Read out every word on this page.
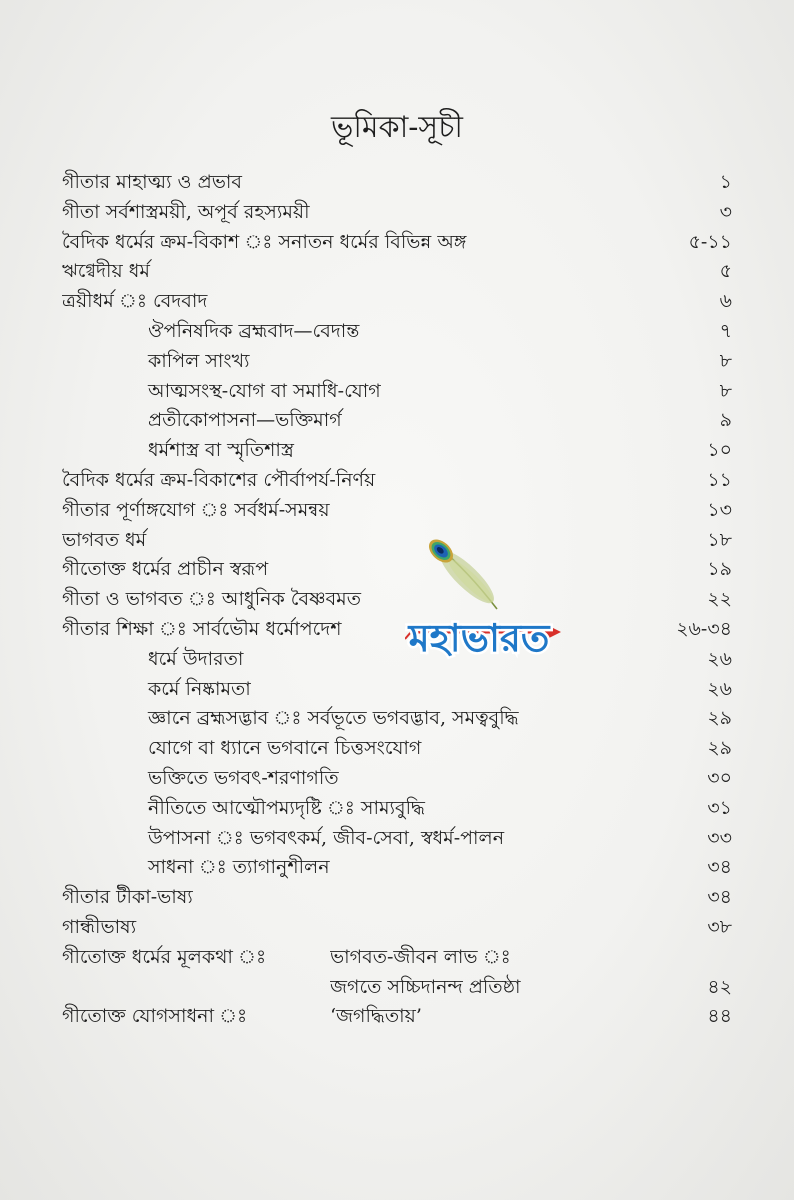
ভূমিকা-সূচী
গীতার মাহাত্ম্য ও প্রভাব	১
গীতা সর্বশাস্ত্রময়ী, অপূর্ব রহস্যময়ী	৩
বৈদিক ধর্মের ক্রম-বিকাশ ঃ সনাতন ধর্মের বিভিন্ন অঙ্গ	৫-১১
ঋগ্বেদীয় ধর্ম	৫
ত্রয়ীধর্ম ঃ বেদবাদ	৬
ঔপনিষদিক ব্রহ্মবাদ—বেদান্ত	৭
কাপিল সাংখ্য	৮
আত্মসংস্থ-যোগ বা সমাধি-যোগ	৮
প্রতীকোপাসনা—ভক্তিমার্গ	৯
ধর্মশাস্ত্র বা স্মৃতিশাস্ত্র	১০
বৈদিক ধর্মের ক্রম-বিকাশের পৌর্বাপর্য-নির্ণয়	১১
গীতার পূর্ণাঙ্গযোগ ঃ সর্বধর্ম-সমন্বয়	১৩
ভাগবত ধর্ম	১৮
গীতোক্ত ধর্মের প্রাচীন স্বরূপ	১৯
গীতা ও ভাগবত ঃ আধুনিক বৈষ্ণবমত	২২
গীতার শিক্ষা ঃ সার্বভৌম ধর্মোপদেশ	২৬-৩৪
ধর্মে উদারতা	২৬
কর্মে নিষ্কামতা	২৬
জ্ঞানে ব্রহ্মসদ্ভাব ঃ সর্বভূতে ভগবদ্ভাব, সমত্ববুদ্ধি	২৯
যোগে বা ধ্যানে ভগবানে চিত্তসংযোগ	২৯
ভক্তিতে ভগবৎ-শরণাগতি	৩০
নীতিতে আত্মৌপম্যদৃষ্টি ঃ সাম্যবুদ্ধি	৩১
উপাসনা ঃ ভগবৎকর্ম, জীব-সেবা, স্বধর্ম-পালন	৩৩
সাধনা ঃ ত্যাগানুশীলন	৩৪
গীতার টীকা-ভাষ্য	৩৪
গান্ধীভাষ্য	৩৮
গীতোক্ত ধর্মের মূলকথা ঃ	ভাগবত-জীবন লাভ ঃ
জগতে সচ্চিদানন্দ প্রতিষ্ঠা	৪২
গীতোক্ত যোগসাধনা ঃ	‘জগদ্ধিতায়’	৪৪
মহাভারত
